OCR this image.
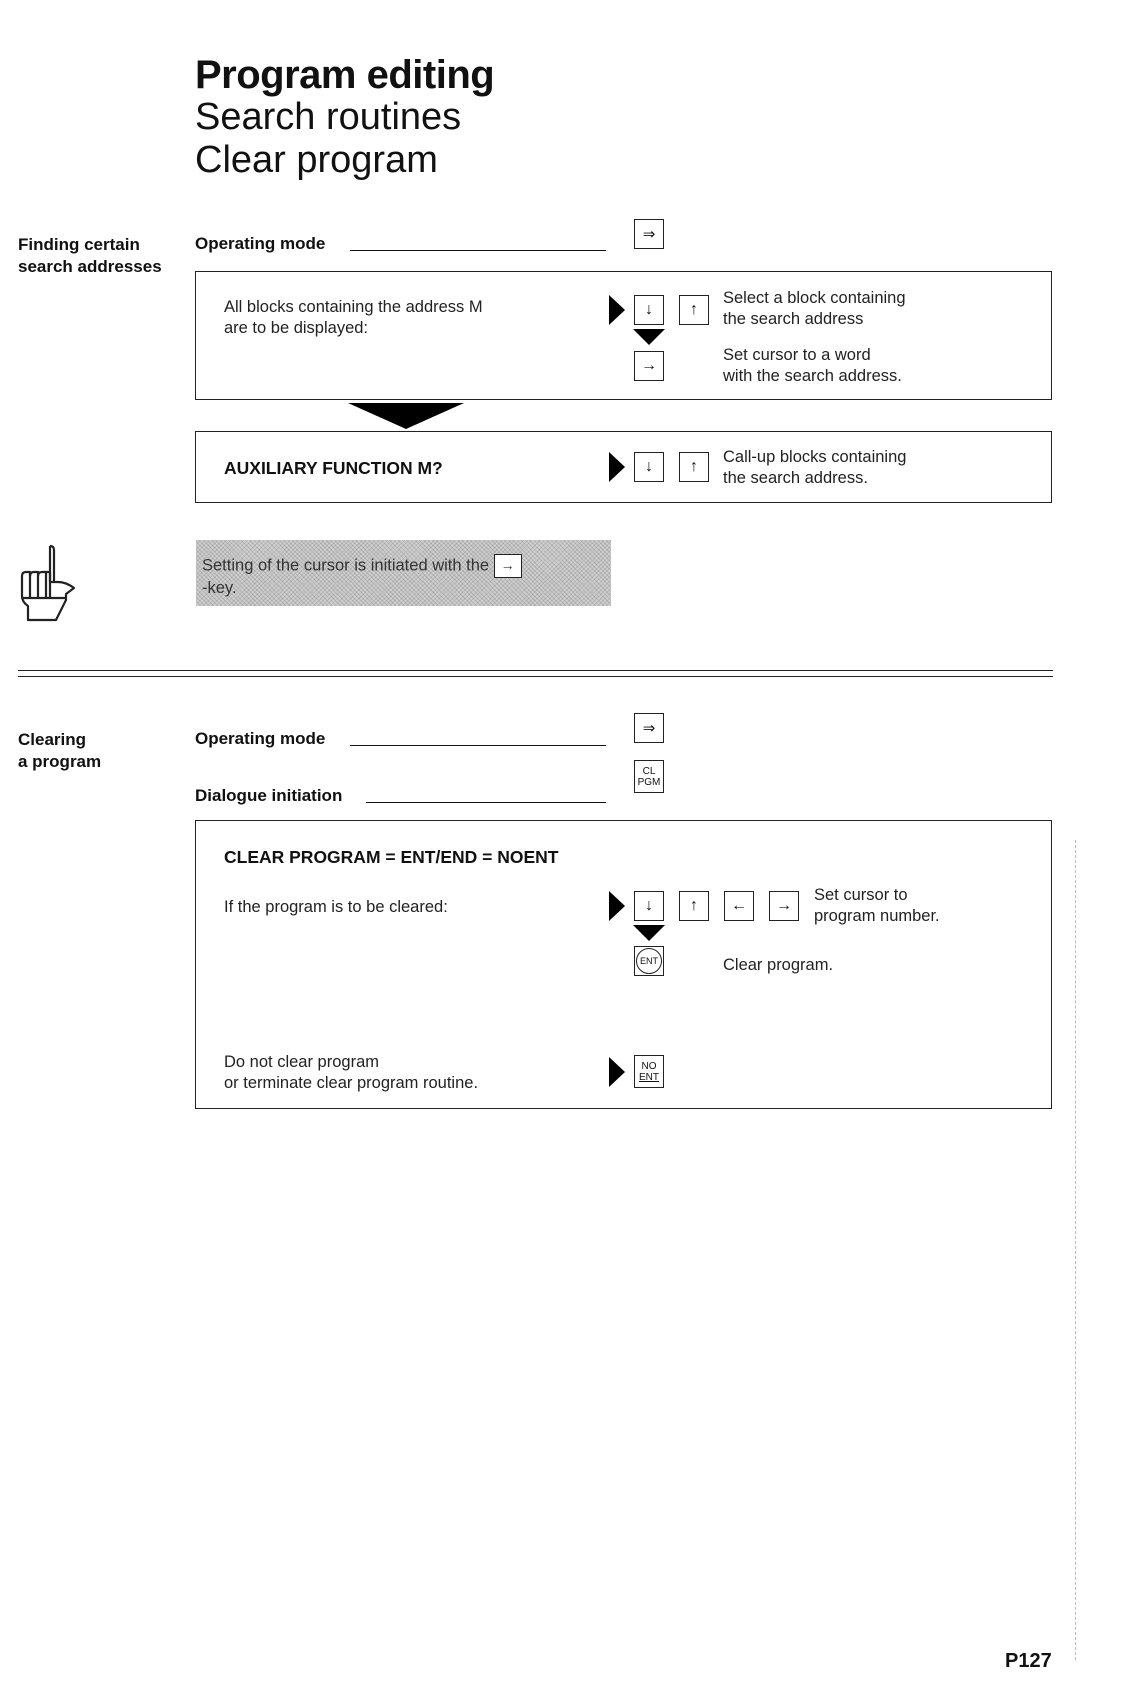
Program editing
Search routines
Clear program
Finding certain
search addresses
Operating mode	⇒
All blocks containing the address M
are to be displayed:
↓ ↑
→
Select a block containing
the search address
Set cursor to a word
with the search address.
AUXILIARY FUNCTION M?	↓ ↑
Call-up blocks containing
the search address.
Setting of the cursor is initiated with the →
-key.
Clearing
a program
Operating mode
⇒
CL
PGM
Dialogue initiation
CLEAR PROGRAM = ENT/END = NOENT
If the program is to be cleared:	↓ ↑ ← →
Set cursor to
program number.
ENT	Clear program.
Do not clear program
or terminate clear program routine.
NO
ENT
P127
